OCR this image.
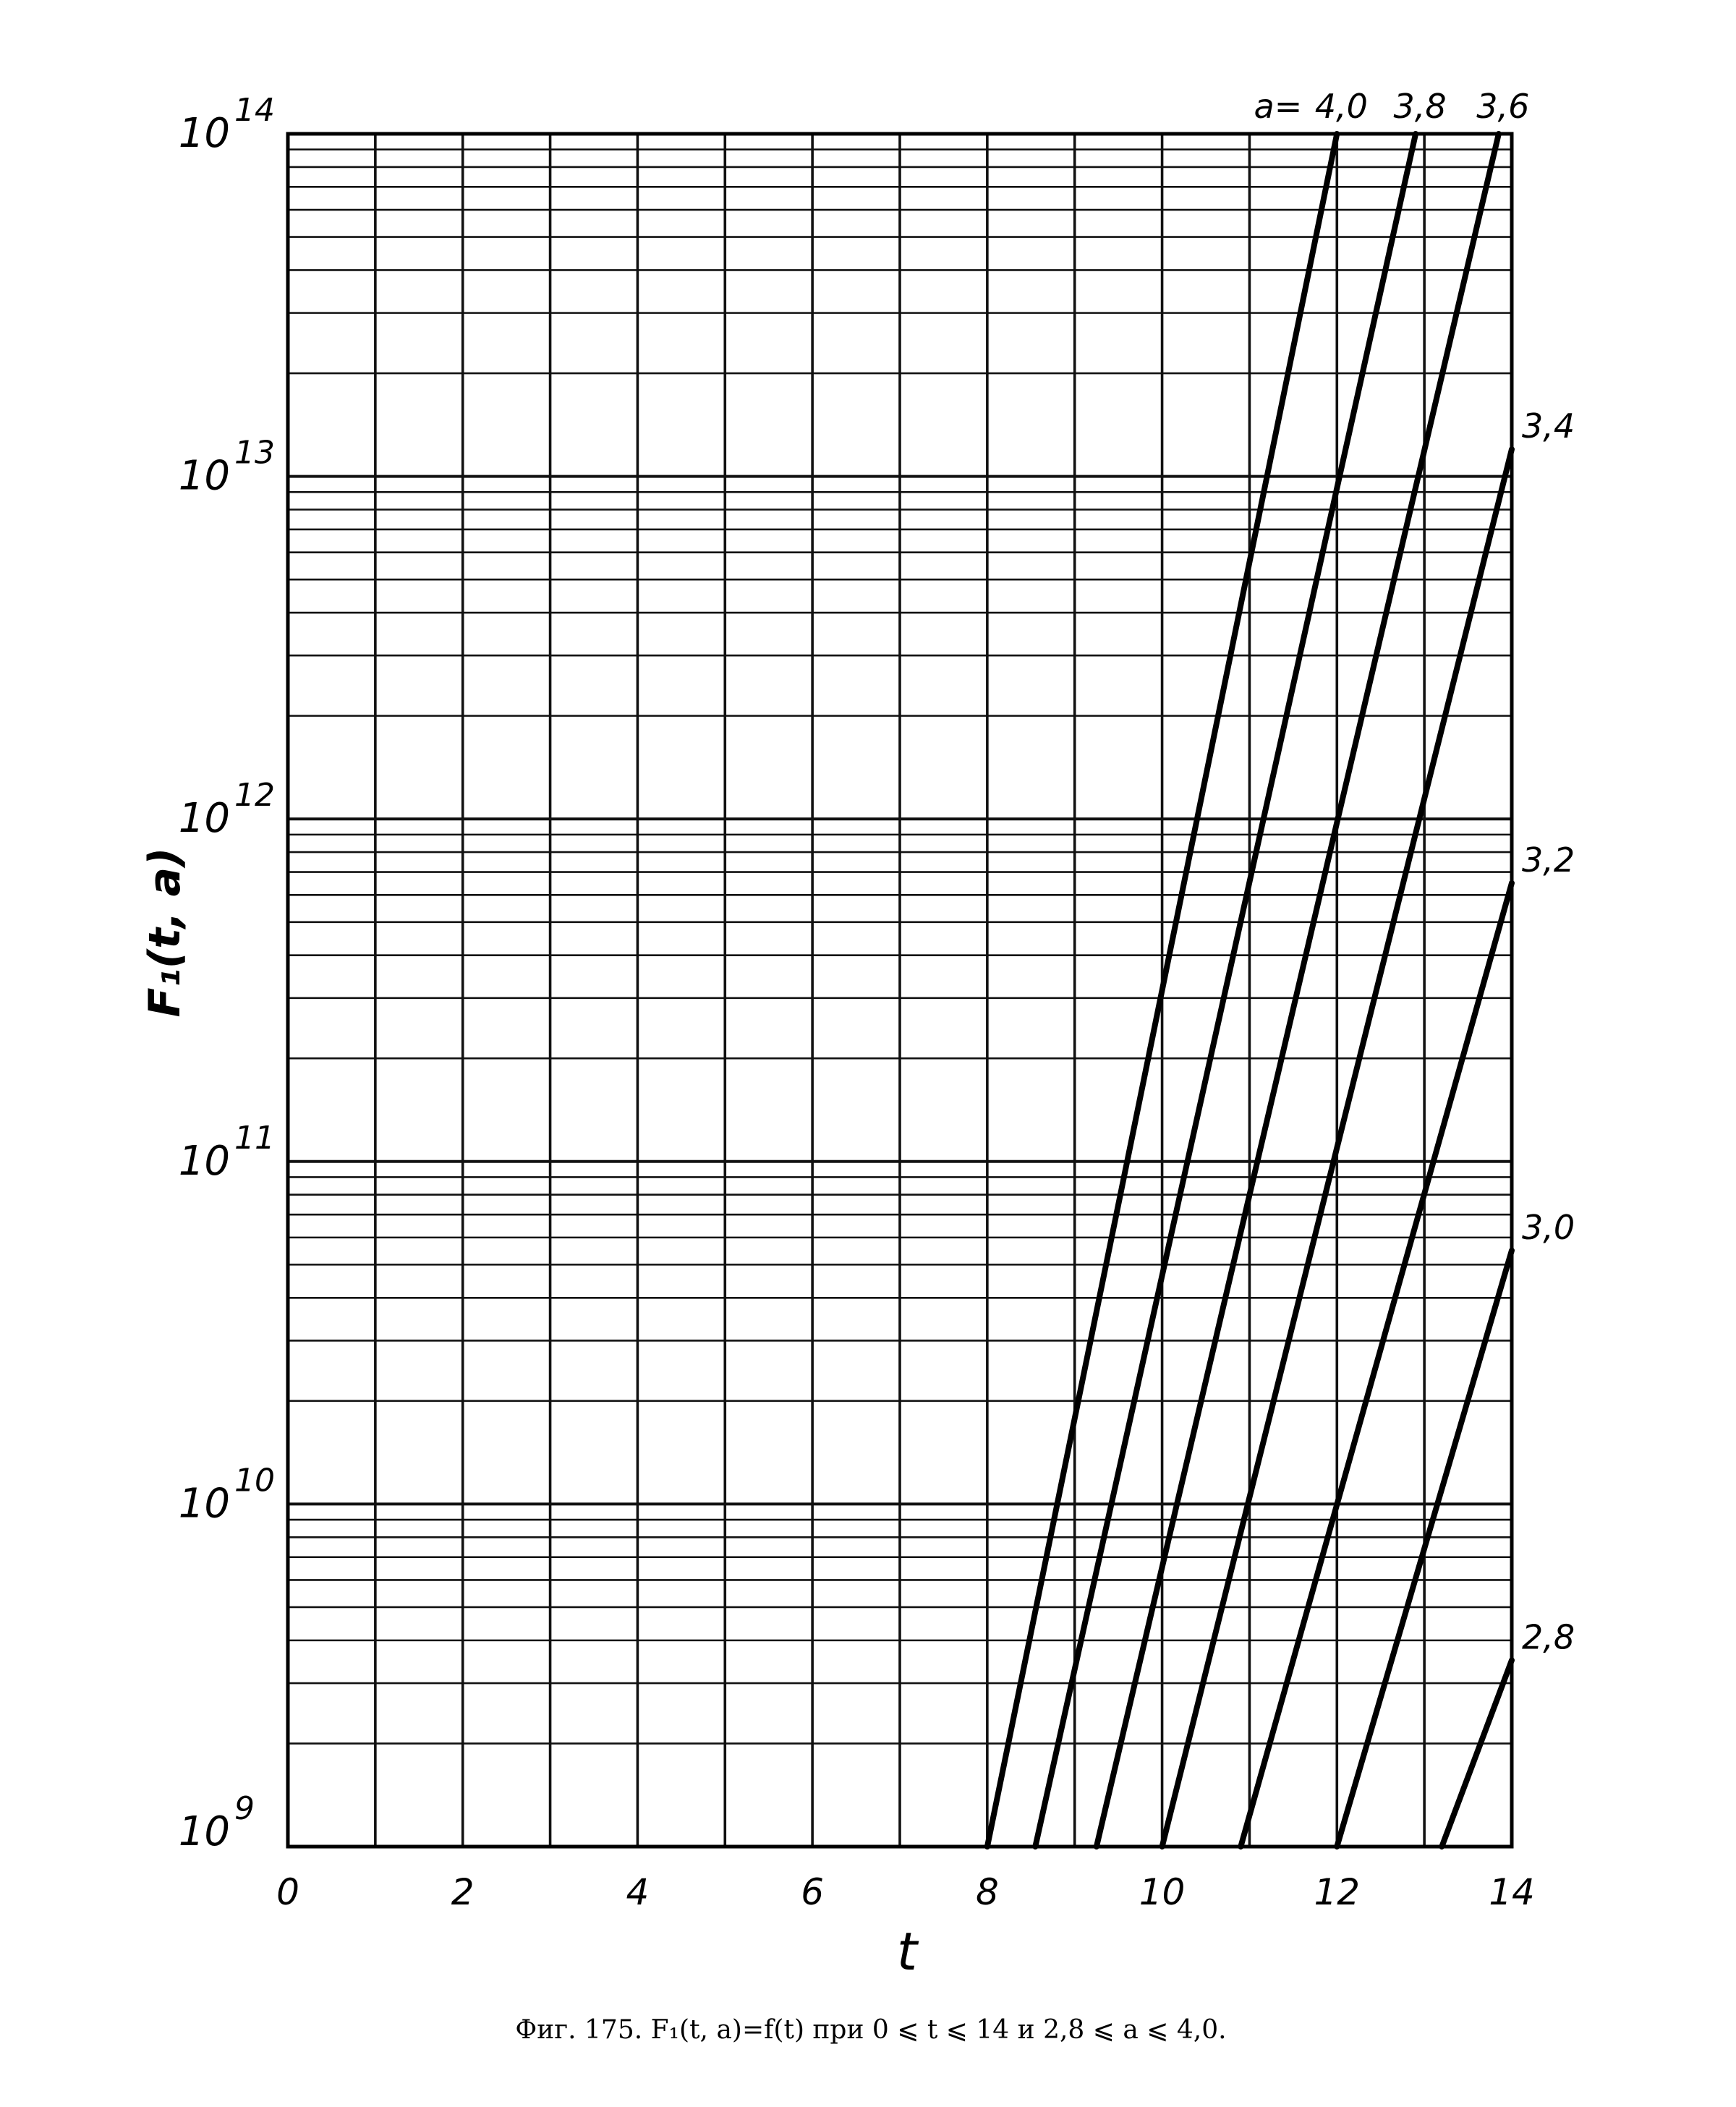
10 9
10 10
10 11
10 12
10 13
10 14
0	2	4	6	8	10	12	14
4,0 3,8 3,6
3,4
3,2
3,0
2,8
a=
t
F₁(t, a)
Фиг. 175. F₁(t, a)=f(t) при 0 ⩽ t ⩽ 14 и 2,8 ⩽ a ⩽ 4,0.
